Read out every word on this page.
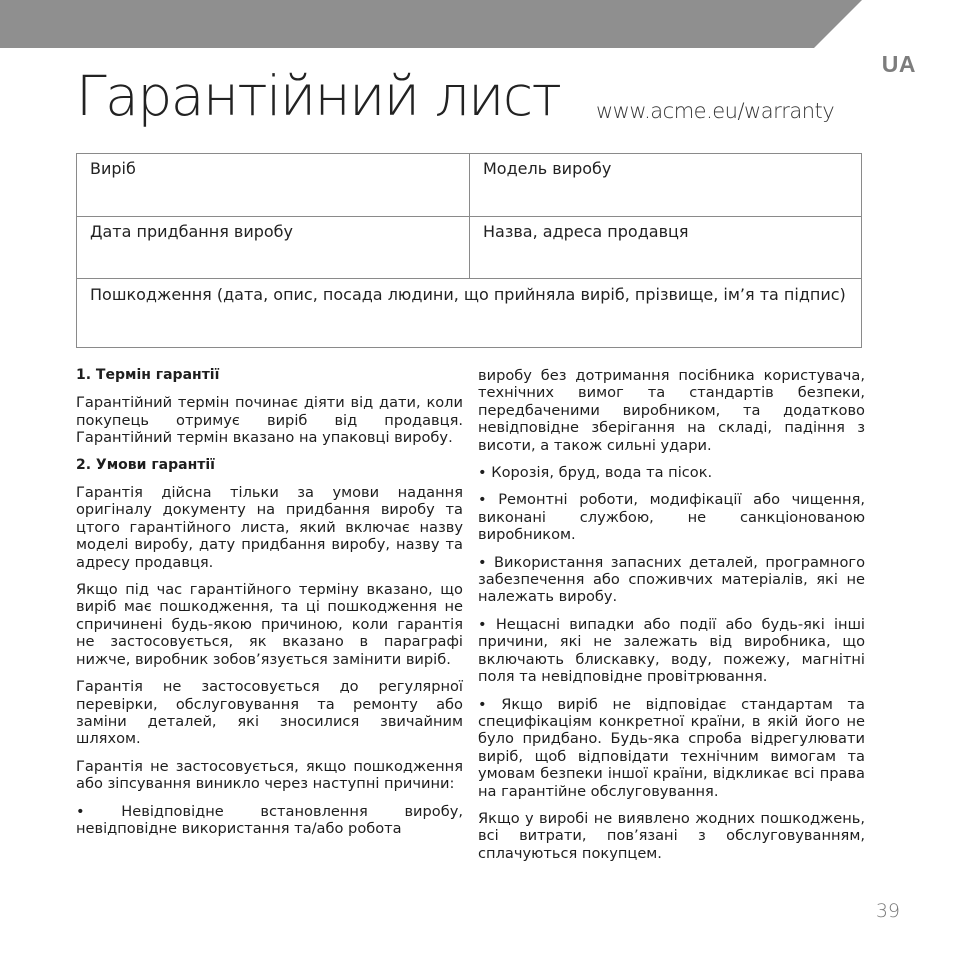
UA
Гарантійний лист www.acme.eu/warranty
Виріб	Модель виробу
Дата придбання виробу	Назва, адреса продавця
Пошкодження (дата, опис, посада людини, що прийняла виріб, прізвище, ім’я та підпис)
1. Термін гарантії

Гарантійний термін починає діяти від дати, коли покупець отримує виріб від продавця. Гарантійний термін вказано на упаковці виробу.

2. Умови гарантії

Гарантія дійсна тільки за умови надання оригіналу документу на придбання виробу та цтого гарантійного листа, який включає назву моделі виробу, дату придбання виробу, назву та адресу продавця.

Якщо під час гарантійного терміну вказано, що виріб має пошкодження, та ці пошкодження не спричинені будь-якою причиною, коли гарантія не застосовується, як вказано в параграфі нижче, виробник зобов’язується замінити виріб.

Гарантія не застосовується до регулярної перевірки, обслуговування та ремонту або заміни деталей, які зносилися звичайним шляхом.

Гарантія не застосовується, якщо пошкодження або зіпсування виникло через наступні причини:

• Невідповідне встановлення виробу, невідповідне використання та/або робота

виробу без дотримання посібника користувача, технічних вимог та стандартів безпеки, передбаченими виробником, та додатково невідповідне зберігання на складі, падіння з висоти, а також сильні удари.

• Корозія, бруд, вода та пісок.

• Ремонтні роботи, модифікації або чищення, виконані службою, не санкціонованою виробником.

• Використання запасних деталей, програмного забезпечення або споживчих матеріалів, які не належать виробу.

• Нещасні випадки або події або будь-які інші причини, які не залежать від виробника, що включають блискавку, воду, пожежу, магнітні поля та невідповідне провітрювання.

• Якщо виріб не відповідає стандартам та специфікаціям конкретної країни, в якій його не було придбано. Будь-яка спроба відрегулювати виріб, щоб відповідати технічним вимогам та умовам безпеки іншої країни, відкликає всі права на гарантійне обслуговування.

Якщо у виробі не виявлено жодних пошкоджень, всі витрати, пов’язані з обслуговуванням, сплачуються покупцем.

39
